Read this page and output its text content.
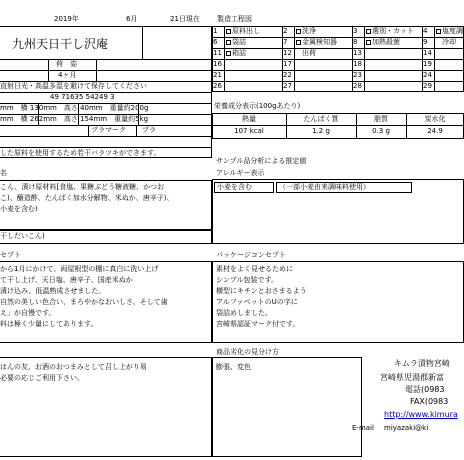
2019年	6月	21日現在 製造工程図
九州天日干し沢庵
荷　姿
4ヶ月
直射日光・高温多湿を避けて保存してください
49 71635 54249 3
mm　横 130mm　高さ 40mm　重量約200g
mm　横 262mm　高さ 154mm　重量約5kg
プラマーク プラ
した原料を使用するため若干バラツキができます。
1 原料出し	2 洗浄	3 選別・カット 4 塩度調
6 袋詰	7 金属検知器 8 加熱殺菌	9 冷却
11 箱詰	12 出荷	13	14
16	17	18	19
21	22	23	24
26	27	28	29
栄養成分表示(100gあたり)
熱量	たんぱく質	脂質	炭水化
107 kcal	1.2 g	0.3 g	24.9
サンプル品分析による推定値
名
こん、漬け原材料[食塩、果糖ぶどう糖液糖、かつお
こ)、醸造酢、たんぱく加水分解物、米ぬか、唐辛子)、
小麦を含む)
干しだいこん)
アレルギー表示
小麦を含む	（一部小麦由来調味料使用）
セプト
から1月にかけて、両屋根型の棚に真白に洗い上げ
て干し上げ、天日塩、唐辛子、国産米ぬか
漬け込み、低温熟成させました。
自然の美しい色合い、まろやかなおいしさ、そして歯
え」が自慢です。
料は極く少量にしてあります。
パッケージコンセプト
素材をよく見せるために
シンプル包装です。
横型にキチンとおさまるよう
アルファベットのUの字に
袋詰めしました。
宮崎県認証マーク付です。
はんの友、お酒のおつまみとして召し上がり易
必要の応じご利用下さい。
商品劣化の見分け方
膨張、変色	キムラ漬物宮崎
宮崎県児湯郡新富
電話(0983
FAX(0983
http://www.kimura
E-mail miyazaki@ki
